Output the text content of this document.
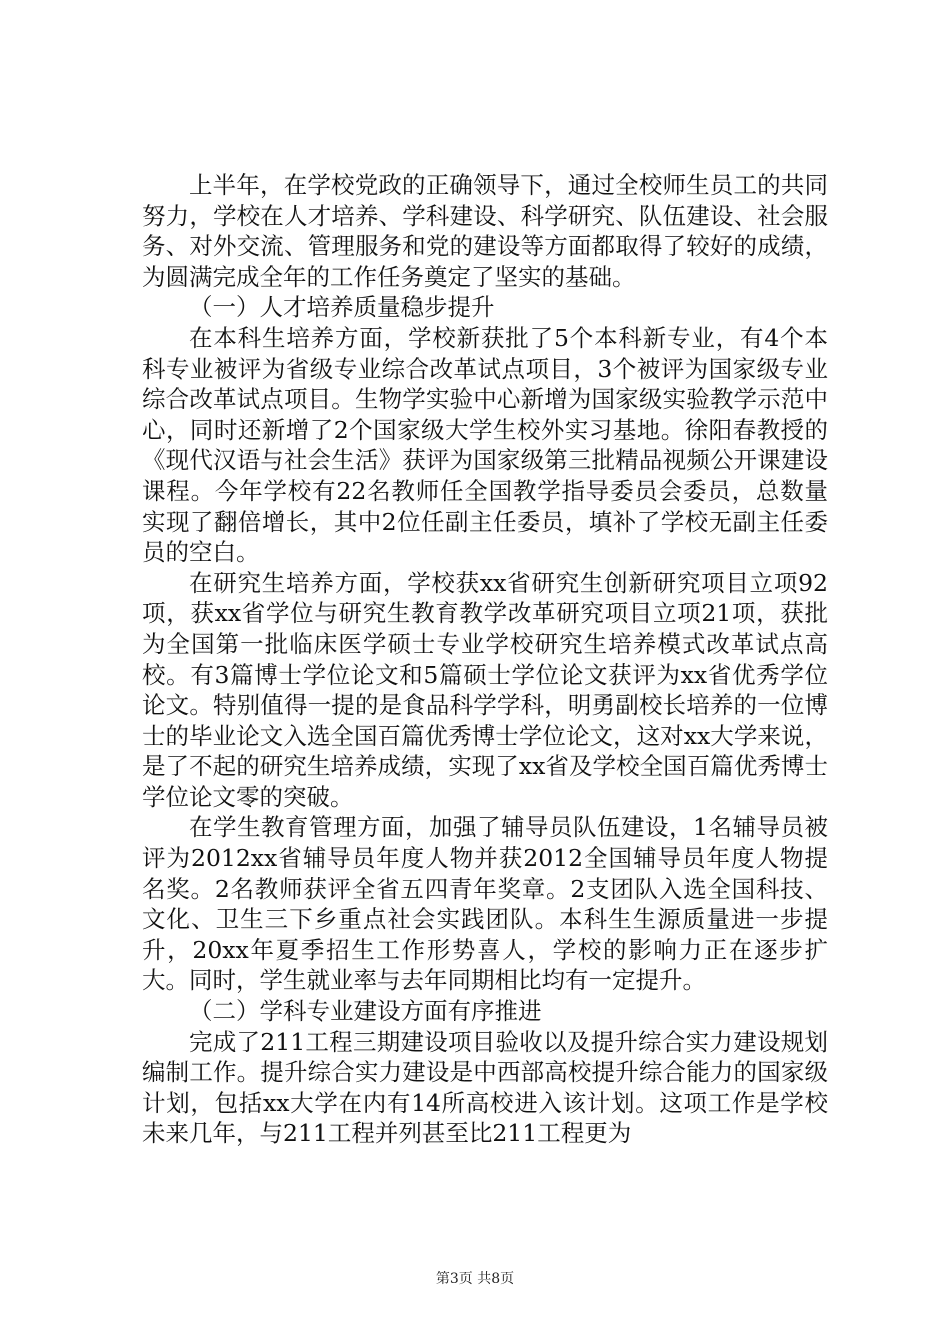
上半年，在学校党政的正确领导下，通过全校师生员工的共同努力，学校在人才培养、学科建设、科学研究、队伍建设、社会服务、对外交流、管理服务和党的建设等方面都取得了较好的成绩，为圆满完成全年的工作任务奠定了坚实的基础。

（一）人才培养质量稳步提升

在本科生培养方面，学校新获批了5个本科新专业，有4个本科专业被评为省级专业综合改革试点项目，3个被评为国家级专业综合改革试点项目。生物学实验中心新增为国家级实验教学示范中心，同时还新增了2个国家级大学生校外实习基地。徐阳春教授的《现代汉语与社会生活》获评为国家级第三批精品视频公开课建设课程。今年学校有22名教师任全国教学指导委员会委员，总数量实现了翻倍增长，其中2位任副主任委员，填补了学校无副主任委员的空白。

在研究生培养方面，学校获xx省研究生创新研究项目立项92项，获xx省学位与研究生教育教学改革研究项目立项21项，获批为全国第一批临床医学硕士专业学校研究生培养模式改革试点高校。有3篇博士学位论文和5篇硕士学位论文获评为xx省优秀学位论文。特别值得一提的是食品科学学科，明勇副校长培养的一位博士的毕业论文入选全国百篇优秀博士学位论文，这对xx大学来说，是了不起的研究生培养成绩，实现了xx省及学校全国百篇优秀博士学位论文零的突破。

在学生教育管理方面，加强了辅导员队伍建设，1名辅导员被评为2012xx省辅导员年度人物并获2012全国辅导员年度人物提名奖。2名教师获评全省五四青年奖章。2支团队入选全国科技、文化、卫生三下乡重点社会实践团队。本科生生源质量进一步提升，20xx年夏季招生工作形势喜人，学校的影响力正在逐步扩大。同时，学生就业率与去年同期相比均有一定提升。

（二）学科专业建设方面有序推进

完成了211工程三期建设项目验收以及提升综合实力建设规划编制工作。提升综合实力建设是中西部高校提升综合能力的国家级计划，包括xx大学在内有14所高校进入该计划。这项工作是学校未来几年，与211工程并列甚至比211工程更为

第3页 共8页
